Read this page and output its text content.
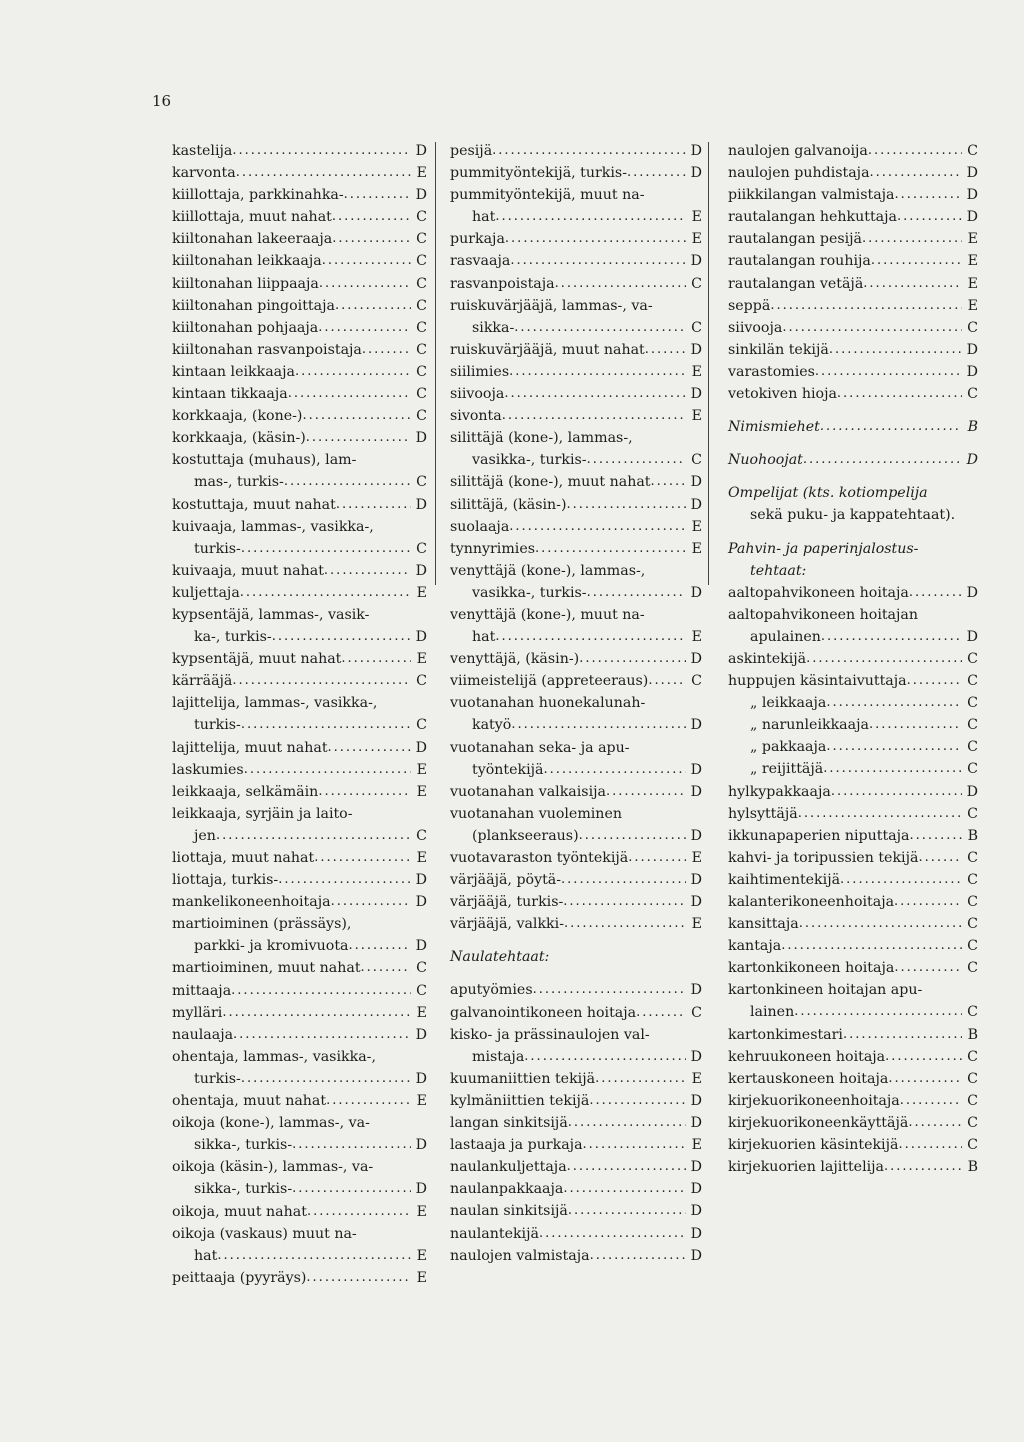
16
kastelija .....	D
karvonta .....	E
kiillottaja, parkkinahka- .....	D
kiillottaja, muut nahat .....	C
kiiltonahan lakeeraaja .....	C
kiiltonahan leikkaaja .....	C
kiiltonahan liippaaja .....	C
kiiltonahan pingoittaja .....	C
kiiltonahan pohjaaja .....	C
kiiltonahan rasvanpoistaja .....	C
kintaan leikkaaja .....	C
kintaan tikkaaja .....	C
korkkaaja, (kone-) .....	C
korkkaaja, (käsin-) .....	D
kostuttaja (muhaus), lam-
mas-, turkis- .....	C
kostuttaja, muut nahat .....	D
kuivaaja, lammas-, vasikka-,
turkis- .....	C
kuivaaja, muut nahat .....	D
kuljettaja .....	E
kypsentäjä, lammas-, vasik-
ka-, turkis- .....	D
kypsentäjä, muut nahat .....	E
kärrääjä .....	C
lajittelija, lammas-, vasikka-,
turkis- .....	C
lajittelija, muut nahat .....	D
laskumies .....	E
leikkaaja, selkämäin .....	E
leikkaaja, syrjäin ja laito-
jen .....	C
liottaja, muut nahat .....	E
liottaja, turkis- .....	D
mankelikoneenhoitaja .....	D
martioiminen (prässäys),
parkki- ja kromivuota .....	D
martioiminen, muut nahat .....	C
mittaaja .....	C
mylläri .....	E
naulaaja .....	D
ohentaja, lammas-, vasikka-,
turkis- .....	D
ohentaja, muut nahat .....	E
oikoja (kone-), lammas-, va-
sikka-, turkis- .....	D
oikoja (käsin-), lammas-, va-
sikka-, turkis- .....	D
oikoja, muut nahat .....	E
oikoja (vaskaus) muut na-
hat .....	E
peittaaja (pyyräys) .....	E
pesijä .....	D
pummityöntekijä, turkis- .....	D
pummityöntekijä, muut na-
hat .....	E
purkaja .....	E
rasvaaja .....	D
rasvanpoistaja .....	C
ruiskuvärjääjä, lammas-, va-
sikka- .....	C
ruiskuvärjääjä, muut nahat .....	D
siilimies .....	E
siivooja .....	D
sivonta .....	E
silittäjä (kone-), lammas-,
vasikka-, turkis- .....	C
silittäjä (kone-), muut nahat .....	D
silittäjä, (käsin-) .....	D
suolaaja .....	E
tynnyrimies .....	E
venyttäjä (kone-), lammas-,
vasikka-, turkis- .....	D
venyttäjä (kone-), muut na-
hat .....	E
venyttäjä, (käsin-) .....	D
viimeistelijä (appreteeraus) .....	C
vuotanahan huonekalunah-
katyö .....	D
vuotanahan seka- ja apu-
työntekijä .....	D
vuotanahan valkaisija .....	D
vuotanahan vuoleminen
(plankseeraus) .....	D
vuotavaraston työntekijä .....	E
värjääjä, pöytä- .....	D
värjääjä, turkis- .....	D
värjääjä, valkki- .....	E
Naulatehtaat:
aputyömies .....	D
galvanointikoneen hoitaja .....	C
kisko- ja prässinaulojen val-
mistaja .....	D
kuumaniittien tekijä .....	E
kylmäniittien tekijä .....	D
langan sinkitsijä .....	D
lastaaja ja purkaja .....	E
naulankuljettaja .....	D
naulanpakkaaja .....	D
naulan sinkitsijä .....	D
naulantekijä .....	D
naulojen valmistaja .....	D
naulojen galvanoija .....	C
naulojen puhdistaja .....	D
piikkilangan valmistaja .....	D
rautalangan hehkuttaja .....	D
rautalangan pesijä .....	E
rautalangan rouhija .....	E
rautalangan vetäjä .....	E
seppä .....	E
siivooja .....	C
sinkilän tekijä .....	D
varastomies .....	D
vetokiven hioja .....	C
Nimismiehet .....	B
Nuohoojat .....	D
Ompelijat (kts. kotiompelija
sekä puku- ja kappatehtaat).
Pahvin- ja paperinjalostus-
tehtaat:
aaltopahvikoneen hoitaja .....	D
aaltopahvikoneen hoitajan
apulainen .....	D
askintekijä .....	C
huppujen käsintaivuttaja .....	C
„ leikkaaja .....	C
„ narunleikkaaja .....	C
„ pakkaaja .....	C
„ reijittäjä .....	C
hylkypakkaaja .....	D
hylsyttäjä .....	C
ikkunapaperien niputtaja .....	B
kahvi- ja toripussien tekijä .....	C
kaihtimentekijä .....	C
kalanterikoneenhoitaja .....	C
kansittaja .....	C
kantaja .....	C
kartonkikoneen hoitaja .....	C
kartonkineen hoitajan apu-
lainen .....	C
kartonkimestari .....	B
kehruukoneen hoitaja .....	C
kertauskoneen hoitaja .....	C
kirjekuorikoneenhoitaja .....	C
kirjekuorikoneenkäyttäjä .....	C
kirjekuorien käsintekijä .....	C
kirjekuorien lajittelija .....	B
